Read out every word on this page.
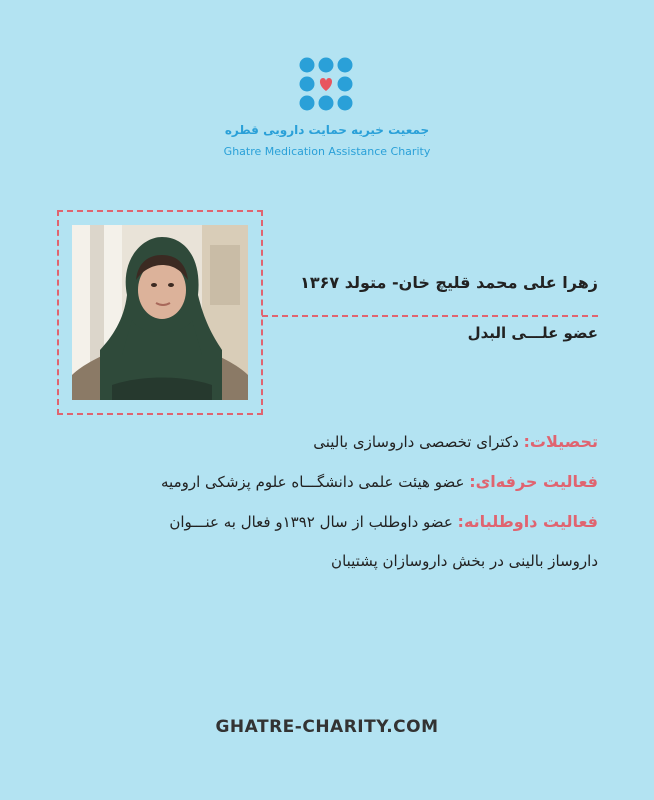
جمعیت خیریه حمایت دارویی قطره
Ghatre Medication Assistance Charity
زهرا علی محمد قلیچ خان- متولد ۱۳۶۷
عضو علـــی البدل
تحصیلات: دکترای تخصصی داروسازی بالینی
فعالیت حرفه‌ای: عضو هیئت علمی دانشگـــاه علوم پزشکی ارومیه
فعالیت داوطلبانه: عضو داوطلب از سال ۱۳۹۲و فعال به عنـــوان
داروساز بالینی در بخش داروسازان پشتیبان
GHATRE-CHARITY.COM
